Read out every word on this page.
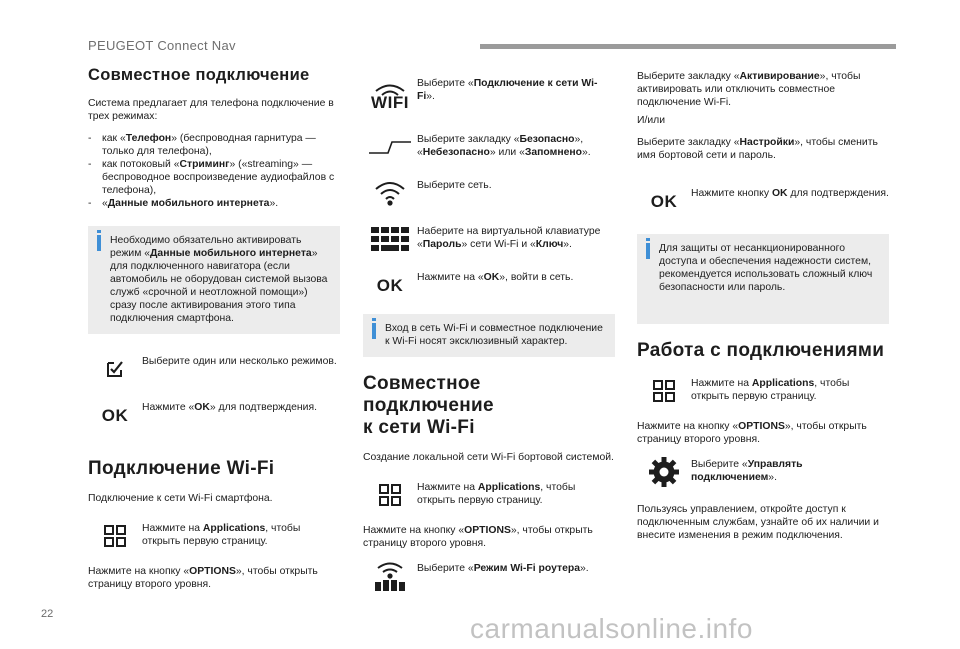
PEUGEOT Connect Nav
Совместное подключение

Система предлагает для телефона подключение в трех режимах:

-	как «Телефон» (беспроводная гарнитура — только для телефона),
-	как потоковый «Стриминг» («streaming» — беспроводное воспроизведение аудиофайлов с телефона),
-	«Данные мобильного интернета».
Необходимо обязательно активировать режим «Данные мобильного интернета» для подключенного навигатора (если автомобиль не оборудован системой вызова служб «срочной и неотложной помощи») сразу после активирования этого типа подключения смартфона.
Выберите один или несколько режимов.
OK Нажмите «OK» для подтверждения.
Подключение Wi-Fi

Подключение к сети Wi-Fi смартфона.

Нажмите на Applications, чтобы открыть первую страницу.

Нажмите на кнопку «OPTIONS», чтобы открыть страницу второго уровня.

WIFI
Выберите «Подключение к сети Wi-Fi».
Выберите закладку «Безопасно», «Небезопасно» или «Запомнено».
Выберите сеть.
Наберите на виртуальной клавиатуре «Пароль» сети Wi-Fi и «Ключ».
OK Нажмите на «OK», войти в сеть.
Вход в сеть Wi-Fi и совместное подключение к Wi-Fi носят эксклюзивный характер.
Совместное подключение
к сети Wi-Fi

Создание локальной сети Wi-Fi бортовой системой.

Нажмите на Applications, чтобы открыть первую страницу.

Нажмите на кнопку «OPTIONS», чтобы открыть страницу второго уровня.

Выберите «Режим Wi-Fi роутера».

Выберите закладку «Активирование», чтобы активировать или отключить совместное подключение Wi-Fi.

И/или

Выберите закладку «Настройки», чтобы сменить имя бортовой сети и пароль.

OK Нажмите кнопку OK для подтверждения.
Для защиты от несанкционированного доступа и обеспечения надежности систем, рекомендуется использовать сложный ключ безопасности или пароль.
Работа с подключениями
Нажмите на Applications, чтобы открыть первую страницу.

Нажмите на кнопку «OPTIONS», чтобы открыть страницу второго уровня.

Выберите «Управлять подключением».

Пользуясь управлением, откройте доступ к подключенным службам, узнайте об их наличии и внесите изменения в режим подключения.

22	carmanualsonline.info
